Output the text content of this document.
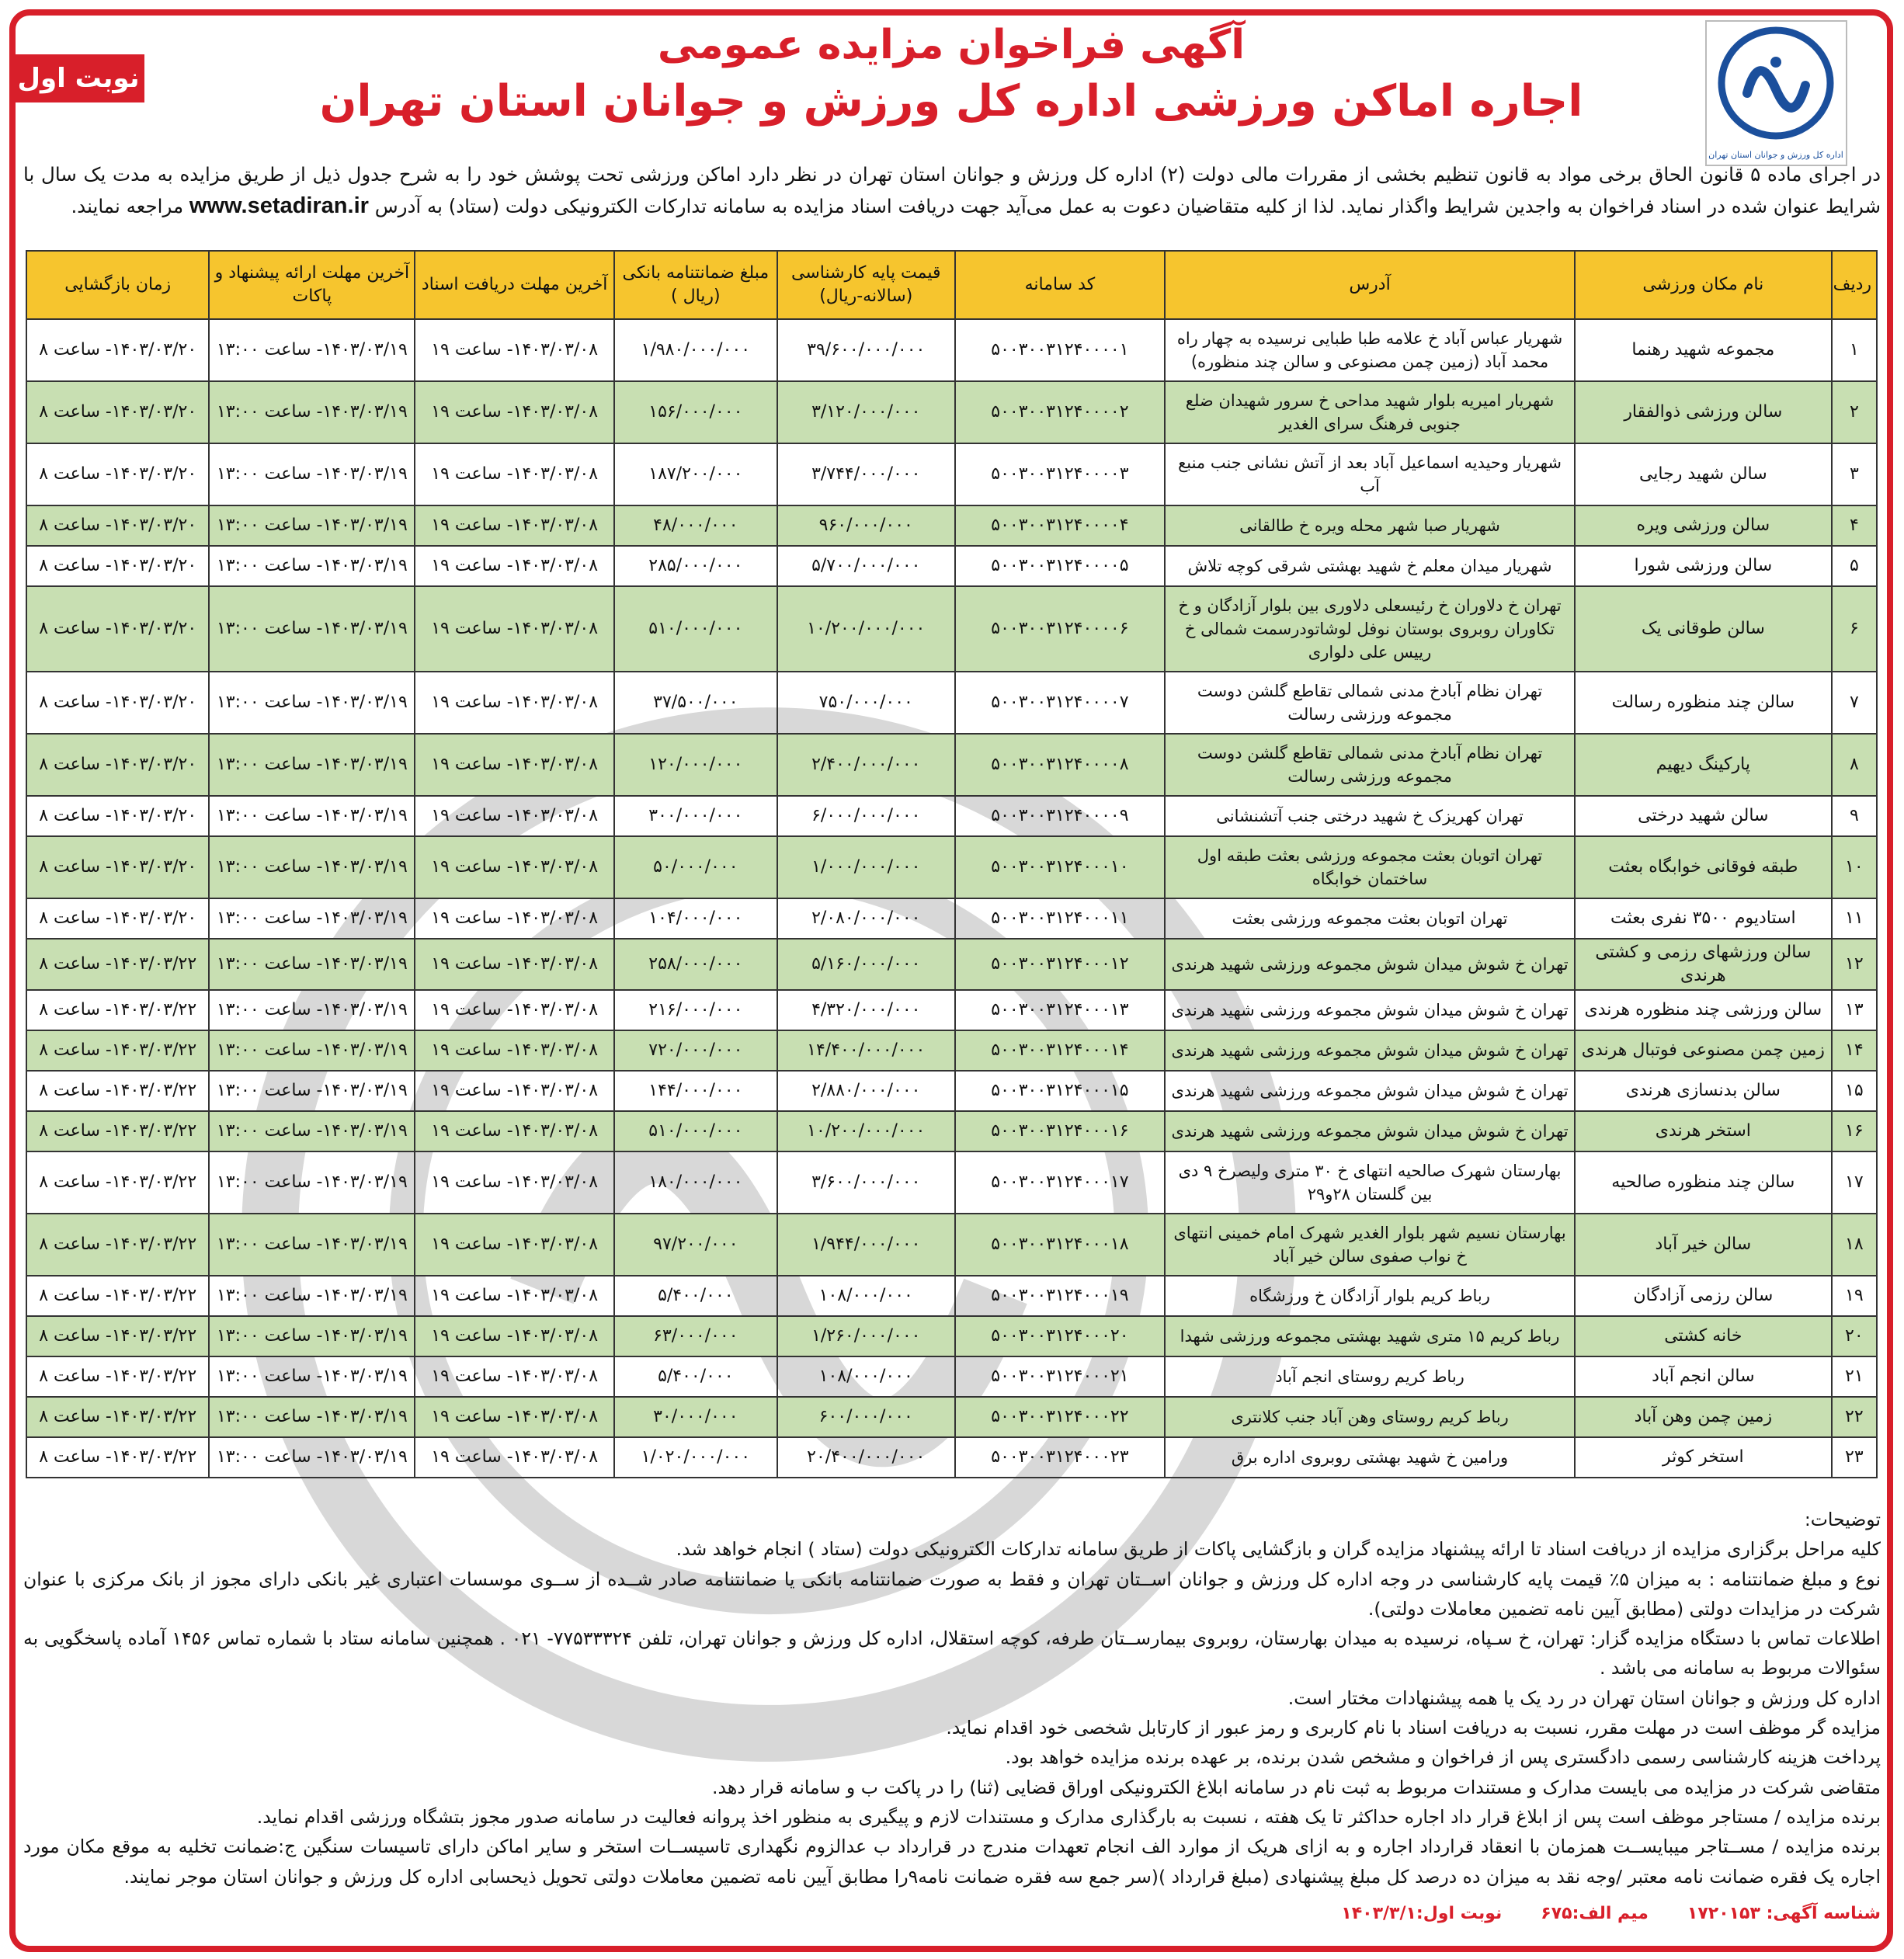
اداره کل ورزش و جوانان استان تهران
نوبت اول
آگهی فراخوان مزایده عمومی
اجاره اماکن ورزشی اداره کل ورزش و جوانان استان تهران
در اجرای ماده ۵ قانون الحاق برخی مواد به قانون تنظیم بخشی از مقررات مالی دولت (۲) اداره کل ورزش و جوانان استان تهران در نظر دارد اماکن ورزشی تحت پوشش خود را به شرح جدول ذیل از طریق مزایده به مدت یک سال با شرایط عنوان شده در اسناد فراخوان به واجدین شرایط واگذار نماید. لذا از کلیه متقاضیان دعوت به عمل می‌آید جهت دریافت اسناد مزایده به سامانه تدارکات الکترونیکی دولت (ستاد) به آدرس www.setadiran.ir مراجعه نمایند.
ردیف	نام مکان ورزشی	آدرس	کد سامانه	قیمت پایه کارشناسی (سالانه-ریال)	مبلغ ضمانتنامه بانکی (ریال )	آخرین مهلت دریافت اسناد	آخرین مهلت ارائه پیشنهاد و پاکات	زمان بازگشایی
۱	مجموعه شهید رهنما	شهریار عباس آباد خ علامه طبا طبایی نرسیده به چهار راه محمد آباد (زمین چمن مصنوعی و سالن چند منظوره)	۵۰۰۳۰۰۳۱۲۴۰۰۰۰۱	۳۹/۶۰۰/۰۰۰/۰۰۰	۱/۹۸۰/۰۰۰/۰۰۰	۱۴۰۳/۰۳/۰۸- ساعت ۱۹	۱۴۰۳/۰۳/۱۹- ساعت ۱۳:۰۰	۱۴۰۳/۰۳/۲۰- ساعت ۸
۲	سالن ورزشی ذوالفقار	شهریار امیریه بلوار شهید مداحی خ سرور شهیدان ضلع جنوبی فرهنگ سرای الغدیر	۵۰۰۳۰۰۳۱۲۴۰۰۰۰۲	۳/۱۲۰/۰۰۰/۰۰۰	۱۵۶/۰۰۰/۰۰۰	۱۴۰۳/۰۳/۰۸- ساعت ۱۹	۱۴۰۳/۰۳/۱۹- ساعت ۱۳:۰۰	۱۴۰۳/۰۳/۲۰- ساعت ۸
۳	سالن شهید رجایی	شهریار وحیدیه اسماعیل آباد بعد از آتش نشانی جنب منبع آب	۵۰۰۳۰۰۳۱۲۴۰۰۰۰۳	۳/۷۴۴/۰۰۰/۰۰۰	۱۸۷/۲۰۰/۰۰۰	۱۴۰۳/۰۳/۰۸- ساعت ۱۹	۱۴۰۳/۰۳/۱۹- ساعت ۱۳:۰۰	۱۴۰۳/۰۳/۲۰- ساعت ۸
۴	سالن ورزشی ویره	شهریار صبا شهر محله ویره خ طالقانی	۵۰۰۳۰۰۳۱۲۴۰۰۰۰۴	۹۶۰/۰۰۰/۰۰۰	۴۸/۰۰۰/۰۰۰	۱۴۰۳/۰۳/۰۸- ساعت ۱۹	۱۴۰۳/۰۳/۱۹- ساعت ۱۳:۰۰	۱۴۰۳/۰۳/۲۰- ساعت ۸
۵	سالن ورزشی شورا	شهریار میدان معلم خ شهید بهشتی شرقی کوچه تلاش	۵۰۰۳۰۰۳۱۲۴۰۰۰۰۵	۵/۷۰۰/۰۰۰/۰۰۰	۲۸۵/۰۰۰/۰۰۰	۱۴۰۳/۰۳/۰۸- ساعت ۱۹	۱۴۰۳/۰۳/۱۹- ساعت ۱۳:۰۰	۱۴۰۳/۰۳/۲۰- ساعت ۸
۶	سالن طوقانی یک	تهران خ دلاوران خ رئیسعلی دلاوری بین بلوار آزادگان و خ تکاوران روبروی بوستان نوفل لوشاتودرسمت شمالی خ رییس علی دلواری	۵۰۰۳۰۰۳۱۲۴۰۰۰۰۶	۱۰/۲۰۰/۰۰۰/۰۰۰	۵۱۰/۰۰۰/۰۰۰	۱۴۰۳/۰۳/۰۸- ساعت ۱۹	۱۴۰۳/۰۳/۱۹- ساعت ۱۳:۰۰	۱۴۰۳/۰۳/۲۰- ساعت ۸
۷	سالن چند منظوره رسالت	تهران نظام آبادخ مدنی شمالی تقاطع گلشن دوست مجموعه ورزشی رسالت	۵۰۰۳۰۰۳۱۲۴۰۰۰۰۷	۷۵۰/۰۰۰/۰۰۰	۳۷/۵۰۰/۰۰۰	۱۴۰۳/۰۳/۰۸- ساعت ۱۹	۱۴۰۳/۰۳/۱۹- ساعت ۱۳:۰۰	۱۴۰۳/۰۳/۲۰- ساعت ۸
۸	پارکینگ دیهیم	تهران نظام آبادخ مدنی شمالی تقاطع گلشن دوست مجموعه ورزشی رسالت	۵۰۰۳۰۰۳۱۲۴۰۰۰۰۸	۲/۴۰۰/۰۰۰/۰۰۰	۱۲۰/۰۰۰/۰۰۰	۱۴۰۳/۰۳/۰۸- ساعت ۱۹	۱۴۰۳/۰۳/۱۹- ساعت ۱۳:۰۰	۱۴۰۳/۰۳/۲۰- ساعت ۸
۹	سالن شهید درختی	تهران کهریزک خ شهید درختی جنب آتشنشانی	۵۰۰۳۰۰۳۱۲۴۰۰۰۰۹	۶/۰۰۰/۰۰۰/۰۰۰	۳۰۰/۰۰۰/۰۰۰	۱۴۰۳/۰۳/۰۸- ساعت ۱۹	۱۴۰۳/۰۳/۱۹- ساعت ۱۳:۰۰	۱۴۰۳/۰۳/۲۰- ساعت ۸
۱۰	طبقه فوقانی خوابگاه بعثت	تهران اتوبان بعثت مجموعه ورزشی بعثت طبقه اول ساختمان خوابگاه	۵۰۰۳۰۰۳۱۲۴۰۰۰۱۰	۱/۰۰۰/۰۰۰/۰۰۰	۵۰/۰۰۰/۰۰۰	۱۴۰۳/۰۳/۰۸- ساعت ۱۹	۱۴۰۳/۰۳/۱۹- ساعت ۱۳:۰۰	۱۴۰۳/۰۳/۲۰- ساعت ۸
۱۱	استادیوم ۳۵۰۰ نفری بعثت	تهران اتوبان بعثت مجموعه ورزشی بعثت	۵۰۰۳۰۰۳۱۲۴۰۰۰۱۱	۲/۰۸۰/۰۰۰/۰۰۰	۱۰۴/۰۰۰/۰۰۰	۱۴۰۳/۰۳/۰۸- ساعت ۱۹	۱۴۰۳/۰۳/۱۹- ساعت ۱۳:۰۰	۱۴۰۳/۰۳/۲۰- ساعت ۸
۱۲	سالن ورزشهای رزمی و کشتی هرندی	تهران خ شوش میدان شوش مجموعه ورزشی شهید هرندی	۵۰۰۳۰۰۳۱۲۴۰۰۰۱۲	۵/۱۶۰/۰۰۰/۰۰۰	۲۵۸/۰۰۰/۰۰۰	۱۴۰۳/۰۳/۰۸- ساعت ۱۹	۱۴۰۳/۰۳/۱۹- ساعت ۱۳:۰۰	۱۴۰۳/۰۳/۲۲- ساعت ۸
۱۳	سالن ورزشی چند منظوره هرندی	تهران خ شوش میدان شوش مجموعه ورزشی شهید هرندی	۵۰۰۳۰۰۳۱۲۴۰۰۰۱۳	۴/۳۲۰/۰۰۰/۰۰۰	۲۱۶/۰۰۰/۰۰۰	۱۴۰۳/۰۳/۰۸- ساعت ۱۹	۱۴۰۳/۰۳/۱۹- ساعت ۱۳:۰۰	۱۴۰۳/۰۳/۲۲- ساعت ۸
۱۴	زمین چمن مصنوعی فوتبال هرندی	تهران خ شوش میدان شوش مجموعه ورزشی شهید هرندی	۵۰۰۳۰۰۳۱۲۴۰۰۰۱۴	۱۴/۴۰۰/۰۰۰/۰۰۰	۷۲۰/۰۰۰/۰۰۰	۱۴۰۳/۰۳/۰۸- ساعت ۱۹	۱۴۰۳/۰۳/۱۹- ساعت ۱۳:۰۰	۱۴۰۳/۰۳/۲۲- ساعت ۸
۱۵	سالن بدنسازی هرندی	تهران خ شوش میدان شوش مجموعه ورزشی شهید هرندی	۵۰۰۳۰۰۳۱۲۴۰۰۰۱۵	۲/۸۸۰/۰۰۰/۰۰۰	۱۴۴/۰۰۰/۰۰۰	۱۴۰۳/۰۳/۰۸- ساعت ۱۹	۱۴۰۳/۰۳/۱۹- ساعت ۱۳:۰۰	۱۴۰۳/۰۳/۲۲- ساعت ۸
۱۶	استخر هرندی	تهران خ شوش میدان شوش مجموعه ورزشی شهید هرندی	۵۰۰۳۰۰۳۱۲۴۰۰۰۱۶	۱۰/۲۰۰/۰۰۰/۰۰۰	۵۱۰/۰۰۰/۰۰۰	۱۴۰۳/۰۳/۰۸- ساعت ۱۹	۱۴۰۳/۰۳/۱۹- ساعت ۱۳:۰۰	۱۴۰۳/۰۳/۲۲- ساعت ۸
۱۷	سالن چند منظوره صالحیه	بهارستان شهرک صالحیه انتهای خ ۳۰ متری ولیصرخ ۹ دی بین گلستان ۲۸و۲۹	۵۰۰۳۰۰۳۱۲۴۰۰۰۱۷	۳/۶۰۰/۰۰۰/۰۰۰	۱۸۰/۰۰۰/۰۰۰	۱۴۰۳/۰۳/۰۸- ساعت ۱۹	۱۴۰۳/۰۳/۱۹- ساعت ۱۳:۰۰	۱۴۰۳/۰۳/۲۲- ساعت ۸
۱۸	سالن خیر آباد	بهارستان نسیم شهر بلوار الغدیر شهرک امام خمینی انتهای خ نواب صفوی سالن خیر آباد	۵۰۰۳۰۰۳۱۲۴۰۰۰۱۸	۱/۹۴۴/۰۰۰/۰۰۰	۹۷/۲۰۰/۰۰۰	۱۴۰۳/۰۳/۰۸- ساعت ۱۹	۱۴۰۳/۰۳/۱۹- ساعت ۱۳:۰۰	۱۴۰۳/۰۳/۲۲- ساعت ۸
۱۹	سالن رزمی آزادگان	رباط کریم بلوار آزادگان خ ورزشگاه	۵۰۰۳۰۰۳۱۲۴۰۰۰۱۹	۱۰۸/۰۰۰/۰۰۰	۵/۴۰۰/۰۰۰	۱۴۰۳/۰۳/۰۸- ساعت ۱۹	۱۴۰۳/۰۳/۱۹- ساعت ۱۳:۰۰	۱۴۰۳/۰۳/۲۲- ساعت ۸
۲۰	خانه کشتی	رباط کریم ۱۵ متری شهید بهشتی مجموعه ورزشی شهدا	۵۰۰۳۰۰۳۱۲۴۰۰۰۲۰	۱/۲۶۰/۰۰۰/۰۰۰	۶۳/۰۰۰/۰۰۰	۱۴۰۳/۰۳/۰۸- ساعت ۱۹	۱۴۰۳/۰۳/۱۹- ساعت ۱۳:۰۰	۱۴۰۳/۰۳/۲۲- ساعت ۸
۲۱	سالن انجم آباد	رباط کریم روستای انجم آباد	۵۰۰۳۰۰۳۱۲۴۰۰۰۲۱	۱۰۸/۰۰۰/۰۰۰	۵/۴۰۰/۰۰۰	۱۴۰۳/۰۳/۰۸- ساعت ۱۹	۱۴۰۳/۰۳/۱۹- ساعت ۱۳:۰۰	۱۴۰۳/۰۳/۲۲- ساعت ۸
۲۲	زمین چمن وهن آباد	رباط کریم روستای وهن آباد جنب کلانتری	۵۰۰۳۰۰۳۱۲۴۰۰۰۲۲	۶۰۰/۰۰۰/۰۰۰	۳۰/۰۰۰/۰۰۰	۱۴۰۳/۰۳/۰۸- ساعت ۱۹	۱۴۰۳/۰۳/۱۹- ساعت ۱۳:۰۰	۱۴۰۳/۰۳/۲۲- ساعت ۸
۲۳	استخر کوثر	ورامین خ شهید بهشتی روبروی اداره برق	۵۰۰۳۰۰۳۱۲۴۰۰۰۲۳	۲۰/۴۰۰/۰۰۰/۰۰۰	۱/۰۲۰/۰۰۰/۰۰۰	۱۴۰۳/۰۳/۰۸- ساعت ۱۹	۱۴۰۳/۰۳/۱۹- ساعت ۱۳:۰۰	۱۴۰۳/۰۳/۲۲- ساعت ۸
توضیحات:
کلیه مراحل برگزاری مزایده از دریافت اسناد تا ارائه پیشنهاد مزایده گران و بازگشایی پاکات از طریق سامانه تدارکات الکترونیکی دولت (ستاد ) انجام خواهد شد.
نوع و مبلغ ضمانتنامه : به میزان ۵٪ قیمت پایه کارشناسی در وجه اداره کل ورزش و جوانان اســتان تهران و فقط به صورت ضمانتنامه بانکی یا ضمانتنامه صادر شــده از ســوی موسسات اعتباری غیر بانکی دارای مجوز از بانک مرکزی با عنوان شرکت در مزایدات دولتی (مطابق آیین نامه تضمین معاملات دولتی).
اطلاعات تماس با دستگاه مزایده گزار: تهران، خ سـپاه، نرسیده به میدان بهارستان، روبروی بیمارســتان طرفه، کوچه استقلال، اداره کل ورزش و جوانان تهران، تلفن ۷۷۵۳۳۳۲۴- ۰۲۱ . همچنین سامانه ستاد با شماره تماس ۱۴۵۶ آماده پاسخگویی به سئوالات مربوط به سامانه می باشد .
اداره کل ورزش و جوانان استان تهران در رد یک یا همه پیشنهادات مختار است.
مزایده گر موظف است در مهلت مقرر، نسبت به دریافت اسناد با نام کاربری و رمز عبور از کارتابل شخصی خود اقدام نماید.
پرداخت هزینه کارشناسی رسمی دادگستری پس از فراخوان و مشخص شدن برنده، بر عهده برنده مزایده خواهد بود.
متقاضی شرکت در مزایده می بایست مدارک و مستندات مربوط به ثبت نام در سامانه ابلاغ الکترونیکی اوراق قضایی (ثنا) را در پاکت ب و سامانه قرار دهد.
برنده مزایده / مستاجر موظف است پس از ابلاغ قرار داد اجاره حداکثر تا یک هفته ، نسبت به بارگذاری مدارک و مستندات لازم و پیگیری به منظور اخذ پروانه فعالیت در سامانه صدور مجوز بتشگاه ورزشی اقدام نماید.
برنده مزایده / مســتاجر میبایســت همزمان با انعقاد قرارداد اجاره و به ازای هریک از موارد الف انجام تعهدات مندرج در قرارداد ب عدالزوم نگهداری تاسیســات استخر و سایر اماکن دارای تاسیسات سنگین ج:ضمانت تخلیه به موقع مکان مورد اجاره یک فقره ضمانت نامه معتبر /وجه نقد به میزان ده درصد کل مبلغ پیشنهادی (مبلغ قرارداد )(سر جمع سه فقره ضمانت نامه۹را مطابق آیین نامه تضمین معاملات دولتی تحویل ذیحسابی اداره کل ورزش و جوانان استان موجر نمایند.
شناسه آگهی: ۱۷۲۰۱۵۳
میم الف:۶۷۵
نوبت اول:۱۴۰۳/۳/۱
